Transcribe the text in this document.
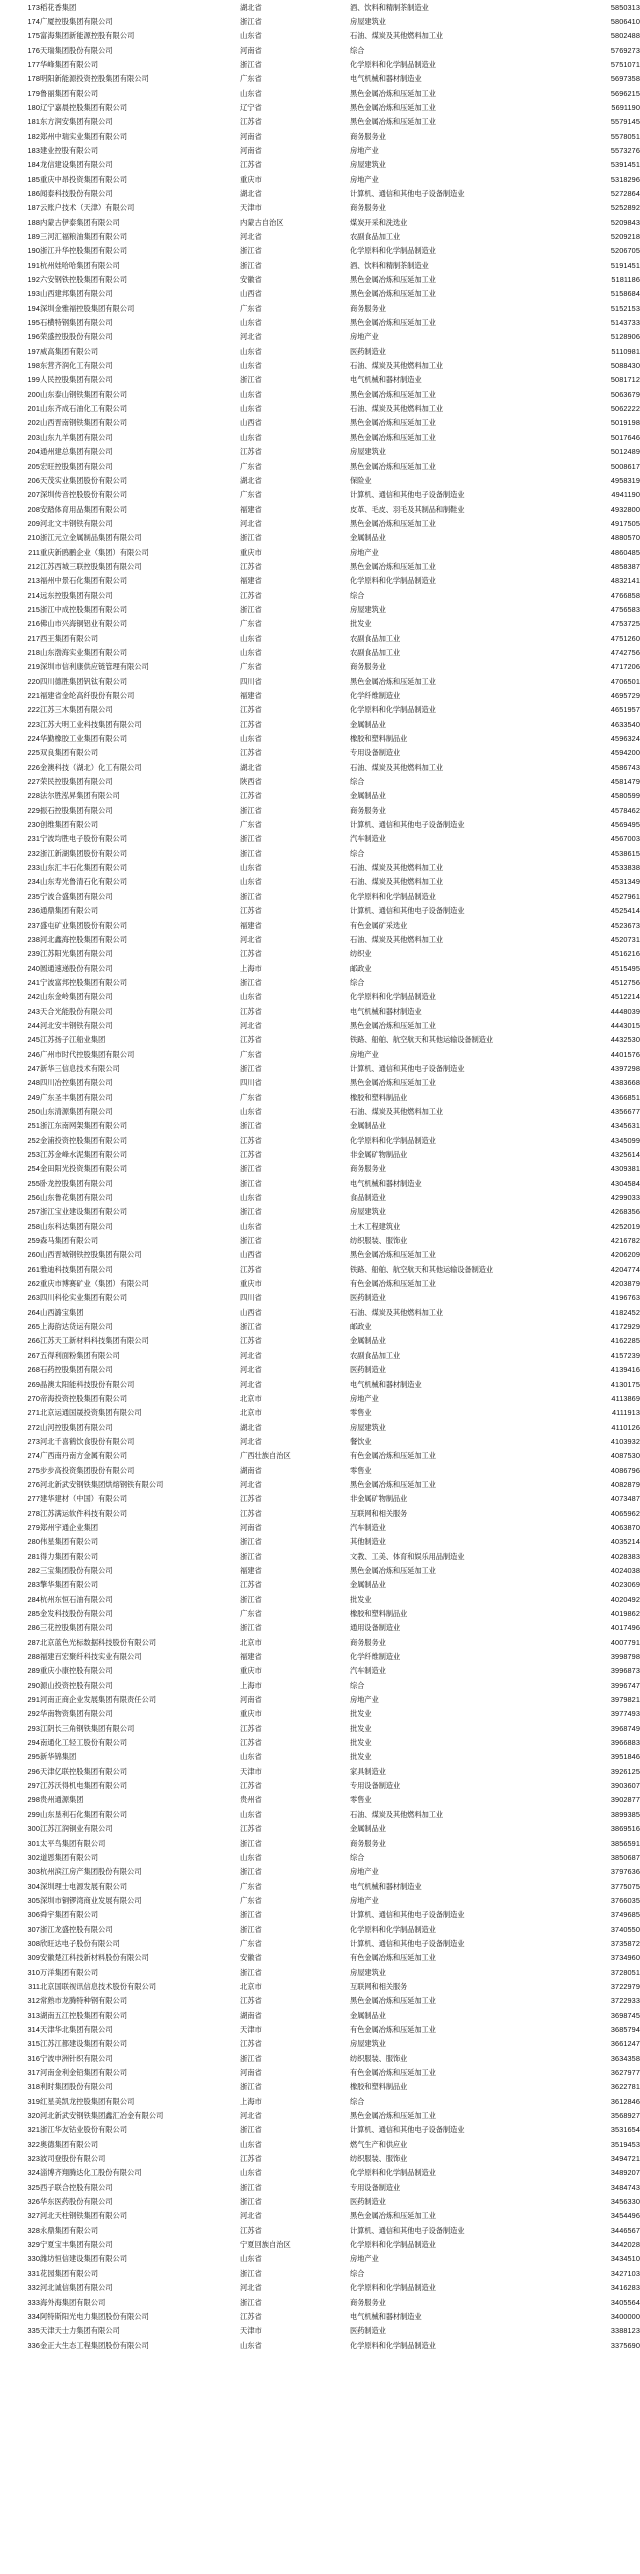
173	稻花香集团	湖北省	酒、饮料和精制茶制造业	5850313
174	广厦控股集团有限公司	浙江省	房屋建筑业	5806410
175	富海集团新能源控股有限公司	山东省	石油、煤炭及其他燃料加工业	5802488
176	天瑞集团股份有限公司	河南省	综合	5769273
177	华峰集团有限公司	浙江省	化学原料和化学制品制造业	5751071
178	明阳新能源投资控股集团有限公司	广东省	电气机械和器材制造业	5697358
179	鲁丽集团有限公司	山东省	黑色金属冶炼和压延加工业	5696215
180	辽宁嘉晨控股集团有限公司	辽宁省	黑色金属冶炼和压延加工业	5691190
181	东方润安集团有限公司	江苏省	黑色金属冶炼和压延加工业	5579145
182	郑州中瑞实业集团有限公司	河南省	商务服务业	5578051
183	建业控股有限公司	河南省	房地产业	5573276
184	龙信建设集团有限公司	江苏省	房屋建筑业	5391451
185	重庆中昂投资集团有限公司	重庆市	房地产业	5318296
186	闻泰科技股份有限公司	湖北省	计算机、通信和其他电子设备制造业	5272864
187	云账户技术（天津）有限公司	天津市	商务服务业	5252892
188	内蒙古伊泰集团有限公司	内蒙古自治区	煤炭开采和洗选业	5209843
189	三河汇福粮油集团有限公司	河北省	农副食品加工业	5209218
190	浙江升华控股集团有限公司	浙江省	化学原料和化学制品制造业	5206705
191	杭州娃哈哈集团有限公司	浙江省	酒、饮料和精制茶制造业	5191451
192	六安钢铁控股集团有限公司	安徽省	黑色金属冶炼和压延加工业	5181186
193	山西建邦集团有限公司	山西省	黑色金属冶炼和压延加工业	5158684
194	深圳金雅福控股集团有限公司	广东省	商务服务业	5152153
195	石横特钢集团有限公司	山东省	黑色金属冶炼和压延加工业	5143733
196	荣盛控股股份有限公司	河北省	房地产业	5128906
197	威高集团有限公司	山东省	医药制造业	5110981
198	东营齐润化工有限公司	山东省	石油、煤炭及其他燃料加工业	5088430
199	人民控股集团有限公司	浙江省	电气机械和器材制造业	5081712
200	山东泰山钢铁集团有限公司	山东省	黑色金属冶炼和压延加工业	5063679
201	山东齐成石油化工有限公司	山东省	石油、煤炭及其他燃料加工业	5062222
202	山西晋南钢铁集团有限公司	山西省	黑色金属冶炼和压延加工业	5019198
203	山东九羊集团有限公司	山东省	黑色金属冶炼和压延加工业	5017646
204	通州建总集团有限公司	江苏省	房屋建筑业	5012489
205	宏旺控股集团有限公司	广东省	黑色金属冶炼和压延加工业	5008617
206	天茂实业集团股份有限公司	湖北省	保险业	4958319
207	深圳传音控股股份有限公司	广东省	计算机、通信和其他电子设备制造业	4941190
208	安踏体育用品集团有限公司	福建省	皮革、毛皮、羽毛及其制品和制鞋业	4932800
209	河北文丰钢铁有限公司	河北省	黑色金属冶炼和压延加工业	4917505
210	浙江元立金属制品集团有限公司	浙江省	金属制品业	4880570
211	重庆新鸥鹏企业（集团）有限公司	重庆市	房地产业	4860485
212	江苏西城三联控股集团有限公司	江苏省	黑色金属冶炼和压延加工业	4858387
213	福州中景石化集团有限公司	福建省	化学原料和化学制品制造业	4832141
214	远东控股集团有限公司	江苏省	综合	4766858
215	浙江中成控股集团有限公司	浙江省	房屋建筑业	4756583
216	佛山市兴海铜铝业有限公司	广东省	批发业	4753725
217	西王集团有限公司	山东省	农副食品加工业	4751260
218	山东渤海实业集团有限公司	山东省	农副食品加工业	4742756
219	深圳市信利康供应链管理有限公司	广东省	商务服务业	4717206
220	四川德胜集团钒钛有限公司	四川省	黑色金属冶炼和压延加工业	4706501
221	福建省金纶高纤股份有限公司	福建省	化学纤维制造业	4695729
222	江苏三木集团有限公司	江苏省	化学原料和化学制品制造业	4651957
223	江苏大明工业科技集团有限公司	江苏省	金属制品业	4633540
224	华勤橡胶工业集团有限公司	山东省	橡胶和塑料制品业	4596324
225	双良集团有限公司	江苏省	专用设备制造业	4594200
226	金澳科技（湖北）化工有限公司	湖北省	石油、煤炭及其他燃料加工业	4586743
227	荣民控股集团有限公司	陕西省	综合	4581479
228	法尔胜泓昇集团有限公司	江苏省	金属制品业	4580599
229	振石控股集团有限公司	浙江省	商务服务业	4578462
230	创维集团有限公司	广东省	计算机、通信和其他电子设备制造业	4569495
231	宁波均胜电子股份有限公司	浙江省	汽车制造业	4567003
232	浙江新湖集团股份有限公司	浙江省	综合	4538615
233	山东汇丰石化集团有限公司	山东省	石油、煤炭及其他燃料加工业	4533838
234	山东寿光鲁清石化有限公司	山东省	石油、煤炭及其他燃料加工业	4531349
235	宁波合盛集团有限公司	浙江省	化学原料和化学制品制造业	4527961
236	通鼎集团有限公司	江苏省	计算机、通信和其他电子设备制造业	4525414
237	盛屯矿业集团股份有限公司	福建省	有色金属矿采选业	4523673
238	河北鑫海控股集团有限公司	河北省	石油、煤炭及其他燃料加工业	4520731
239	江苏阳光集团有限公司	江苏省	纺织业	4516216
240	圆通速递股份有限公司	上海市	邮政业	4515495
241	宁波富邦控股集团有限公司	浙江省	综合	4512756
242	山东金岭集团有限公司	山东省	化学原料和化学制品制造业	4512214
243	天合光能股份有限公司	江苏省	电气机械和器材制造业	4448039
244	河北安丰钢铁有限公司	河北省	黑色金属冶炼和压延加工业	4443015
245	江苏扬子江船业集团	江苏省	铁路、船舶、航空航天和其他运输设备制造业	4432530
246	广州市时代控股集团有限公司	广东省	房地产业	4401576
247	新华三信息技术有限公司	浙江省	计算机、通信和其他电子设备制造业	4397298
248	四川冶控集团有限公司	四川省	黑色金属冶炼和压延加工业	4383668
249	广东圣丰集团有限公司	广东省	橡胶和塑料制品业	4366851
250	山东清源集团有限公司	山东省	石油、煤炭及其他燃料加工业	4356677
251	浙江东南网架集团有限公司	浙江省	金属制品业	4345631
252	金浦投资控股集团有限公司	江苏省	化学原料和化学制品制造业	4345099
253	江苏金峰水泥集团有限公司	江苏省	非金属矿物制品业	4325614
254	金田阳光投资集团有限公司	浙江省	商务服务业	4309381
255	卧龙控股集团有限公司	浙江省	电气机械和器材制造业	4304584
256	山东鲁花集团有限公司	山东省	食品制造业	4299033
257	浙江宝业建设集团有限公司	浙江省	房屋建筑业	4268356
258	山东科达集团有限公司	山东省	土木工程建筑业	4252019
259	森马集团有限公司	浙江省	纺织服装、服饰业	4216782
260	山西晋城钢铁控股集团有限公司	山西省	黑色金属冶炼和压延加工业	4206209
261	雅迪科技集团有限公司	江苏省	铁路、船舶、航空航天和其他运输设备制造业	4204774
262	重庆市博赛矿业（集团）有限公司	重庆市	有色金属冶炼和压延加工业	4203879
263	四川科伦实业集团有限公司	四川省	医药制造业	4196763
264	山西潞宝集团	山西省	石油、煤炭及其他燃料加工业	4182452
265	上海韵达货运有限公司	浙江省	邮政业	4172929
266	江苏天工新材料科技集团有限公司	江苏省	金属制品业	4162285
267	五得利面粉集团有限公司	河北省	农副食品加工业	4157239
268	石药控股集团有限公司	河北省	医药制造业	4139416
269	晶澳太阳能科技股份有限公司	河北省	电气机械和器材制造业	4130175
270	帝海投资控股集团有限公司	北京市	房地产业	4113869
271	北京运通国晟投资集团有限公司	北京市	零售业	4111913
272	山河控股集团有限公司	湖北省	房屋建筑业	4110126
273	河北千喜鹤饮食股份有限公司	河北省	餐饮业	4103932
274	广西南丹南方金属有限公司	广西壮族自治区	有色金属冶炼和压延加工业	4087530
275	步步高投资集团股份有限公司	湖南省	零售业	4086796
276	河北新武安钢铁集团烘熔钢铁有限公司	河北省	黑色金属冶炼和压延加工业	4082879
277	建华建材（中国）有限公司	江苏省	非金属矿物制品业	4073487
278	江苏满运软件科技有限公司	江苏省	互联网和相关服务	4065962
279	郑州宇通企业集团	河南省	汽车制造业	4063870
280	伟星集团有限公司	浙江省	其他制造业	4035214
281	得力集团有限公司	浙江省	文教、工美、体育和娱乐用品制造业	4028383
282	三宝集团股份有限公司	福建省	黑色金属冶炼和压延加工业	4024038
283	擎华集团有限公司	江苏省	金属制品业	4023069
284	杭州东恒石油有限公司	浙江省	批发业	4020492
285	金发科技股份有限公司	广东省	橡胶和塑料制品业	4019862
286	三花控股集团有限公司	浙江省	通用设备制造业	4017496
287	北京蓝色光标数据科技股份有限公司	北京市	商务服务业	4007791
288	福建百宏聚纤科技实业有限公司	福建省	化学纤维制造业	3998798
289	重庆小康控股有限公司	重庆市	汽车制造业	3996873
290	源山投资控股有限公司	上海市	综合	3996747
291	河南正商企业发展集团有限责任公司	河南省	房地产业	3979821
292	华南物资集团有限公司	重庆市	批发业	3977493
293	江阴长三角钢铁集团有限公司	江苏省	批发业	3968749
294	南通化工轻工股份有限公司	江苏省	批发业	3966883
295	新华锦集团	山东省	批发业	3951846
296	天津亿联控股集团有限公司	天津市	家具制造业	3926125
297	江苏沃得机电集团有限公司	江苏省	专用设备制造业	3903607
298	贵州通源集团	贵州省	零售业	3902877
299	山东垦利石化集团有限公司	山东省	石油、煤炭及其他燃料加工业	3899385
300	江苏江润铜业有限公司	江苏省	金属制品业	3869516
301	太平鸟集团有限公司	浙江省	商务服务业	3856591
302	道恩集团有限公司	山东省	综合	3850687
303	杭州滨江房产集团股份有限公司	浙江省	房地产业	3797636
304	深圳理士电源发展有限公司	广东省	电气机械和器材制造业	3775075
305	深圳市铜锣湾商业发展有限公司	广东省	房地产业	3766035
306	舜宇集团有限公司	浙江省	计算机、通信和其他电子设备制造业	3749685
307	浙江龙盛控股有限公司	浙江省	化学原料和化学制品制造业	3740550
308	欣旺达电子股份有限公司	广东省	计算机、通信和其他电子设备制造业	3735872
309	安徽楚江科技新材料股份有限公司	安徽省	有色金属冶炼和压延加工业	3734960
310	万洋集团有限公司	浙江省	房屋建筑业	3728051
311	北京国联视讯信息技术股份有限公司	北京市	互联网和相关服务	3722979
312	常熟市龙腾特种钢有限公司	江苏省	黑色金属冶炼和压延加工业	3722933
313	湖南五江控股集团有限公司	湖南省	金属制品业	3698745
314	天津华北集团有限公司	天津市	有色金属冶炼和压延加工业	3685794
315	江苏江都建设集团有限公司	江苏省	房屋建筑业	3661247
316	宁波申洲针织有限公司	浙江省	纺织服装、服饰业	3634358
317	河南金利金铅集团有限公司	河南省	有色金属冶炼和压延加工业	3627977
318	利时集团股份有限公司	浙江省	橡胶和塑料制品业	3622781
319	红星美凯龙控股集团有限公司	上海市	综合	3612846
320	河北新武安钢铁集团鑫汇冶金有限公司	河北省	黑色金属冶炼和压延加工业	3568927
321	浙江华友钴业股份有限公司	浙江省	计算机、通信和其他电子设备制造业	3531654
322	奥德集团有限公司	山东省	燃气生产和供应业	3519453
323	波司登股份有限公司	江苏省	纺织服装、服饰业	3494721
324	淄博齐翔腾达化工股份有限公司	山东省	化学原料和化学制品制造业	3489207
325	西子联合控股有限公司	浙江省	专用设备制造业	3484743
326	华东医药股份有限公司	浙江省	医药制造业	3456330
327	河北天柱钢铁集团有限公司	河北省	黑色金属冶炼和压延加工业	3454496
328	永鼎集团有限公司	江苏省	计算机、通信和其他电子设备制造业	3446567
329	宁夏宝丰集团有限公司	宁夏回族自治区	化学原料和化学制品制造业	3442028
330	潍坊恒信建设集团有限公司	山东省	房地产业	3434510
331	花园集团有限公司	浙江省	综合	3427103
332	河北诚信集团有限公司	河北省	化学原料和化学制品制造业	3416283
333	海外海集团有限公司	浙江省	商务服务业	3405564
334	阿特斯阳光电力集团股份有限公司	江苏省	电气机械和器材制造业	3400000
335	天津天士力集团有限公司	天津市	医药制造业	3388123
336	金正大生态工程集团股份有限公司	山东省	化学原料和化学制品制造业	3375690
